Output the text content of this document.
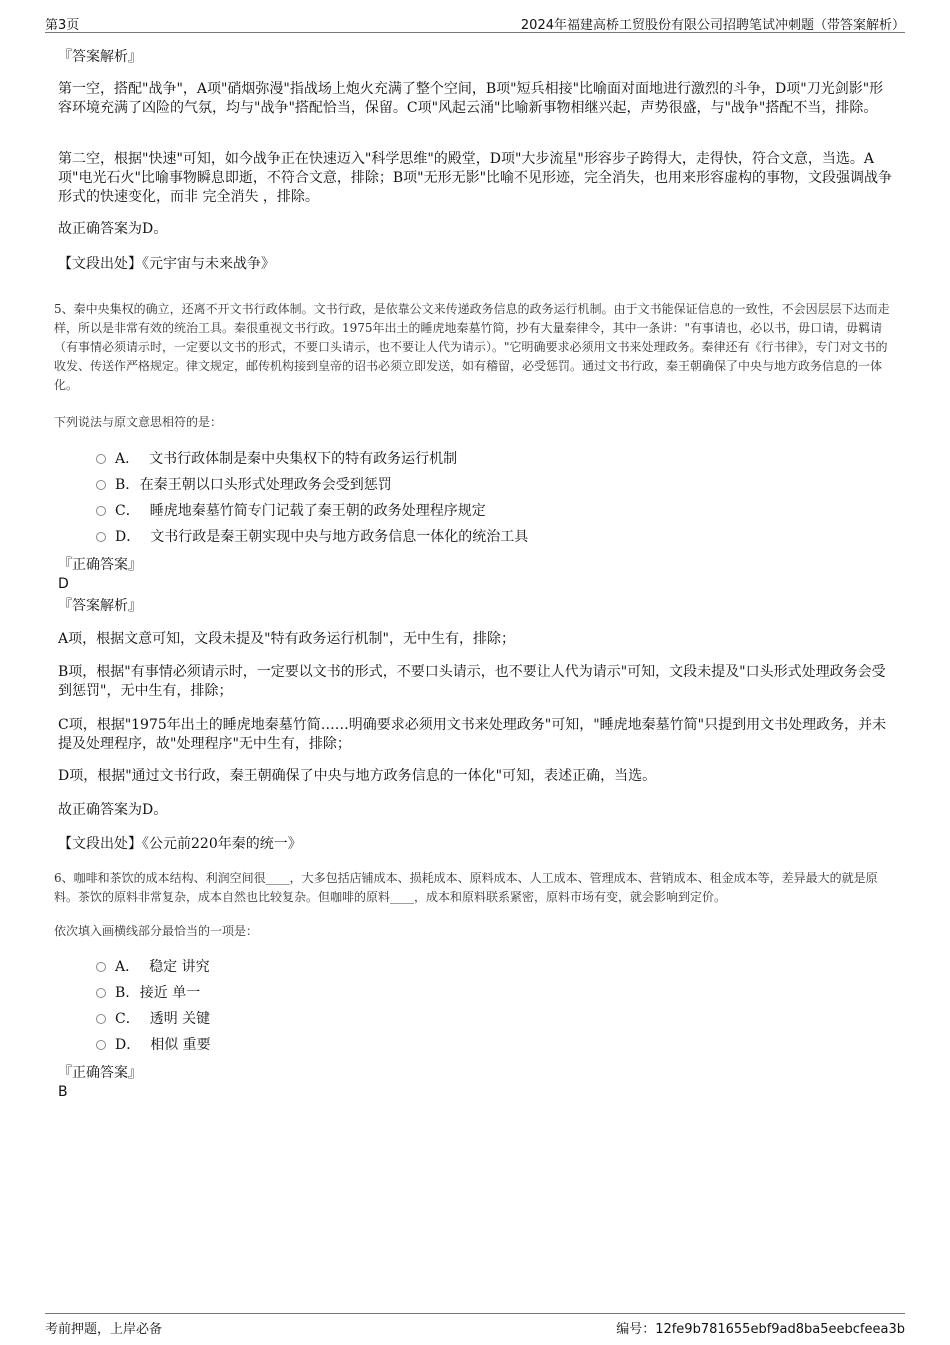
第3页	2024年福建高桥工贸股份有限公司招聘笔试冲刺题（带答案解析）

『答案解析』

第一空，搭配"战争"，A项"硝烟弥漫"指战场上炮火充满了整个空间，B项"短兵相接"比喻面对面地进行激烈的斗争，D项"刀光剑影"形容环境充满了凶险的气氛，均与"战争"搭配恰当，保留。C项"风起云涌"比喻新事物相继兴起，声势很盛，与"战争"搭配不当，排除。

第二空，根据"快速"可知，如今战争正在快速迈入"科学思维"的殿堂，D项"大步流星"形容步子跨得大，走得快，符合文意，当选。A项"电光石火"比喻事物瞬息即逝，不符合文意，排除；B项"无形无影"比喻不见形迹，完全消失，也用来形容虚构的事物，文段强调战争形式的快速变化，而非 完全消失 ，排除。

故正确答案为D。

【文段出处】《元宇宙与未来战争》

5、秦中央集权的确立，还离不开文书行政体制。文书行政，是依靠公文来传递政务信息的政务运行机制。由于文书能保证信息的一致性，不会因层层下达而走样，所以是非常有效的统治工具。秦很重视文书行政。1975年出土的睡虎地秦墓竹简，抄有大量秦律令，其中一条讲："有事请也，必以书，毋口请，毋羁请（有事情必须请示时，一定要以文书的形式，不要口头请示，也不要让人代为请示）。"它明确要求必须用文书来处理政务。秦律还有《行书律》，专门对文书的收发、传送作严格规定。律文规定，邮传机构接到皇帝的诏书必须立即发送，如有稽留，必受惩罚。通过文书行政，秦王朝确保了中央与地方政务信息的一体化。

下列说法与原文意思相符的是：

A． 文书行政体制是秦中央集权下的特有政务运行机制
B. 在秦王朝以口头形式处理政务会受到惩罚
C． 睡虎地秦墓竹简专门记载了秦王朝的政务处理程序规定
D． 文书行政是秦王朝实现中央与地方政务信息一体化的统治工具

『正确答案』

D

『答案解析』

A项，根据文意可知，文段未提及"特有政务运行机制"，无中生有，排除；

B项，根据"有事情必须请示时，一定要以文书的形式，不要口头请示，也不要让人代为请示"可知，文段未提及"口头形式处理政务会受到惩罚"，无中生有，排除；

C项，根据"1975年出土的睡虎地秦墓竹简……明确要求必须用文书来处理政务"可知，"睡虎地秦墓竹简"只提到用文书处理政务，并未提及处理程序，故"处理程序"无中生有，排除；

D项，根据"通过文书行政，秦王朝确保了中央与地方政务信息的一体化"可知，表述正确，当选。

故正确答案为D。

【文段出处】《公元前220年秦的统一》

6、咖啡和茶饮的成本结构、利润空间很____，大多包括店铺成本、损耗成本、原料成本、人工成本、管理成本、营销成本、租金成本等，差异最大的就是原料。茶饮的原料非常复杂，成本自然也比较复杂。但咖啡的原料____，成本和原料联系紧密，原料市场有变，就会影响到定价。

依次填入画横线部分最恰当的一项是：

A． 稳定 讲究
B. 接近 单一
C． 透明 关键
D． 相似 重要

『正确答案』

B
考前押题，上岸必备	编号：12fe9b781655ebf9ad8ba5eebcfeea3b
